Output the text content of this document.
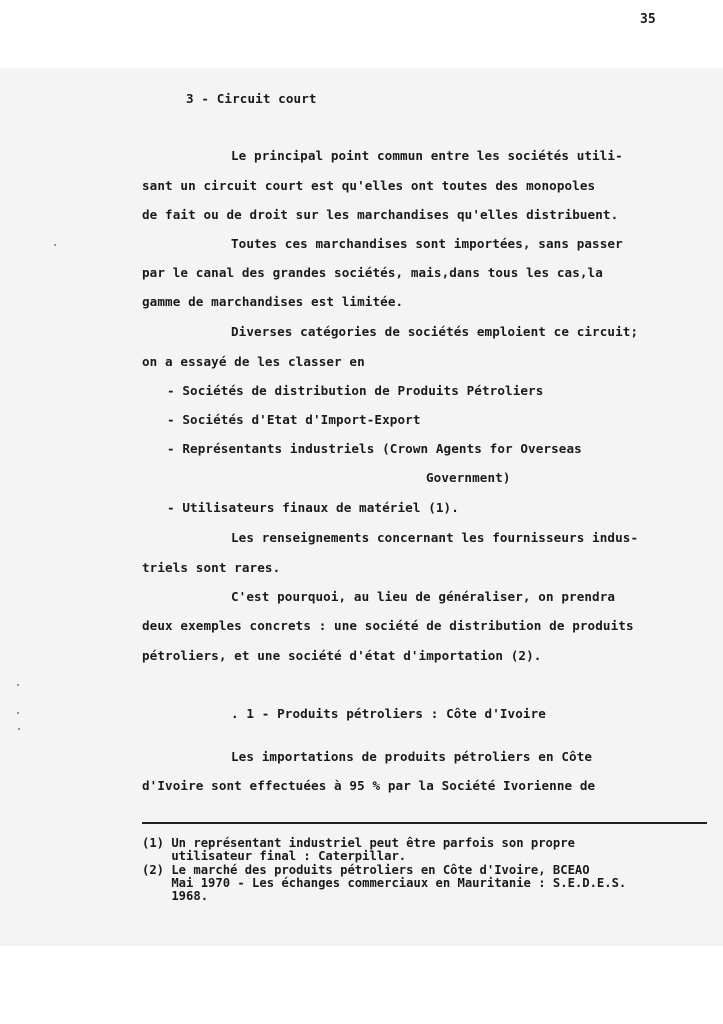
35
3 - Circuit court
Le principal point commun entre les sociétés utili-
sant un circuit court est qu'elles ont toutes des monopoles
de fait ou de droit sur les marchandises qu'elles distribuent.
Toutes ces marchandises sont importées, sans passer
par le canal des grandes sociétés, mais,dans tous les cas,la
gamme de marchandises est limitée.
Diverses catégories de sociétés emploient ce circuit;
on a essayé de les classer en
- Sociétés de distribution de Produits Pétroliers
- Sociétés d'Etat d'Import-Export
- Représentants industriels (Crown Agents for Overseas
Government)
- Utilisateurs finaux de matériel (1).
Les renseignements concernant les fournisseurs indus-
triels sont rares.
C'est pourquoi, au lieu de généraliser, on prendra
deux exemples concrets : une société de distribution de produits
pétroliers, et une société d'état d'importation (2).
. 1 - Produits pétroliers : Côte d'Ivoire
Les importations de produits pétroliers en Côte
d'Ivoire sont effectuées à 95 % par la Société Ivorienne de
(1) Un représentant industriel peut être parfois son propre
utilisateur final : Caterpillar.
(2) Le marché des produits pétroliers en Côte d'Ivoire, BCEAO
Mai 1970 - Les échanges commerciaux en Mauritanie : S.E.D.E.S.
1968.
